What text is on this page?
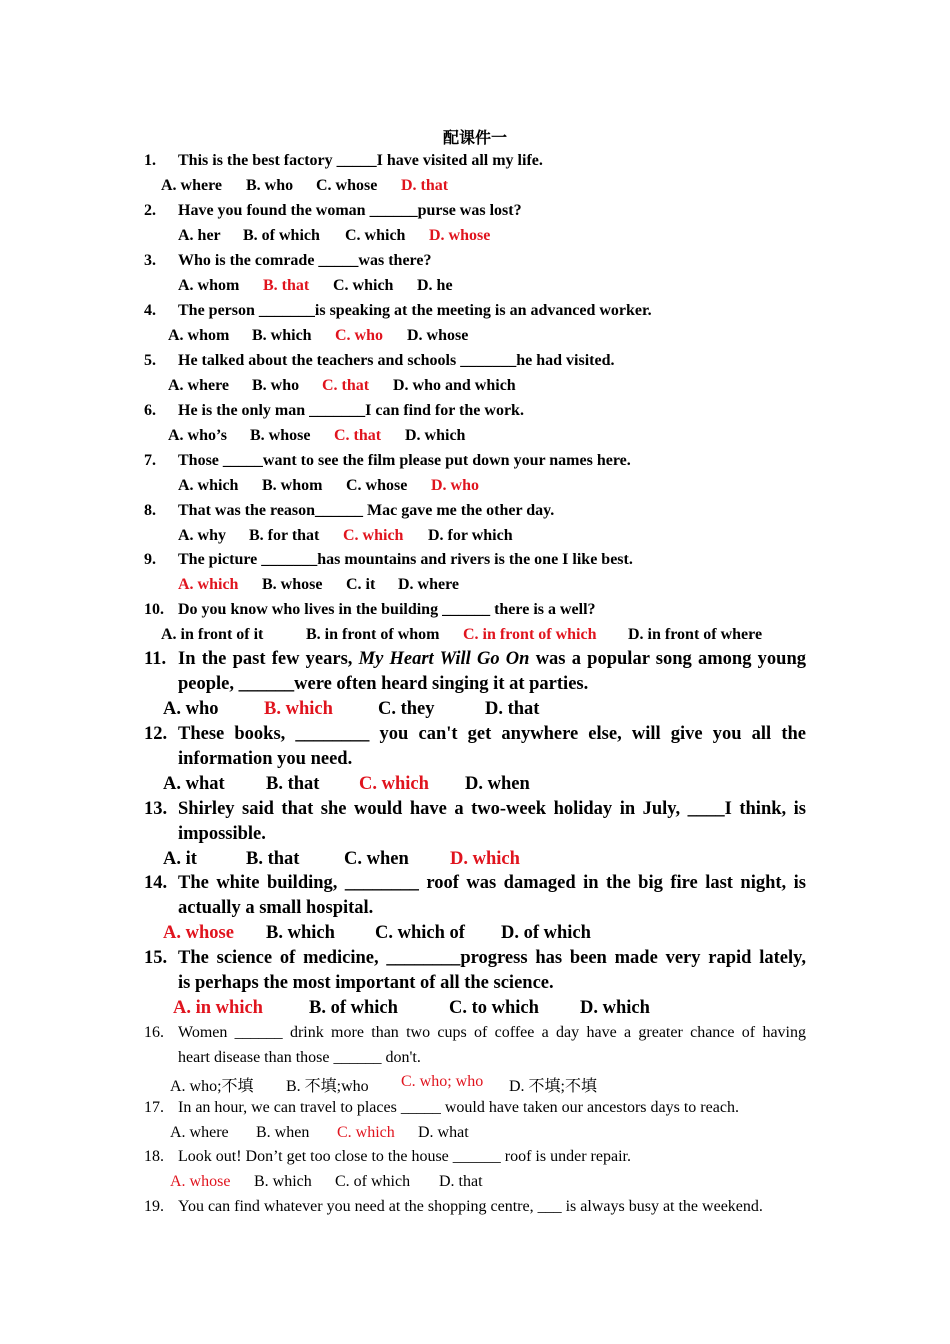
配课件一
1. This is the best factory _____I have visited all my life.
A. where B. who C. whose D. that
2. Have you found the woman ______purse was lost?
A. her B. of which C. which D. whose
3. Who is the comrade _____was there?
A. whom B. that C. which D. he
4. The person _______is speaking at the meeting is an advanced worker.
A. whom B. which C. who D. whose
5. He talked about the teachers and schools _______he had visited.
A. where B. who C. that D. who and which
6. He is the only man _______I can find for the work.
A. who’s B. whose C. that D. which
7. Those _____want to see the film please put down your names here.
A. which B. whom C. whose D. who
8. That was the reason______ Mac gave me the other day.
A. why B. for that C. which D. for which
9. The picture _______has mountains and rivers is the one I like best.
A. which B. whose C. it D. where
10. Do you know who lives in the building ______ there is a well?
A. in front of it	B. in front of whom C. in front of which D. in front of where
11. In the past few years, My Heart Will Go On was a popular song among young
people, ______were often heard singing it at parties.
A. who B. which C. they	D. that
12. These books, ________ you can't get anywhere else, will give you all the
information you need.
A. what B. that C. which D. when
13. Shirley said that she would have a two-week holiday in July, ____I think, is
impossible.
A. it	B. that C. when D. which
14. The white building, ________ roof was damaged in the big fire last night, is
actually a small hospital.
A. whose B. which C. which of D. of which
15. The science of medicine, ________progress has been made very rapid lately,
is perhaps the most important of all the science.
A. in which B. of which	C. to which D. which
16. Women ______ drink more than two cups of coffee a day have a greater chance of having
heart disease than those ______ don't.
A. who;不填 B. 不填;who C. who; who D. 不填;不填
17. In an hour, we can travel to places _____ would have taken our ancestors days to reach.
A. where B. when C. which D. what
18. Look out! Don’t get too close to the house ______ roof is under repair.
A. whose B. which C. of which D. that
19. You can find whatever you need at the shopping centre, ___ is always busy at the weekend.
